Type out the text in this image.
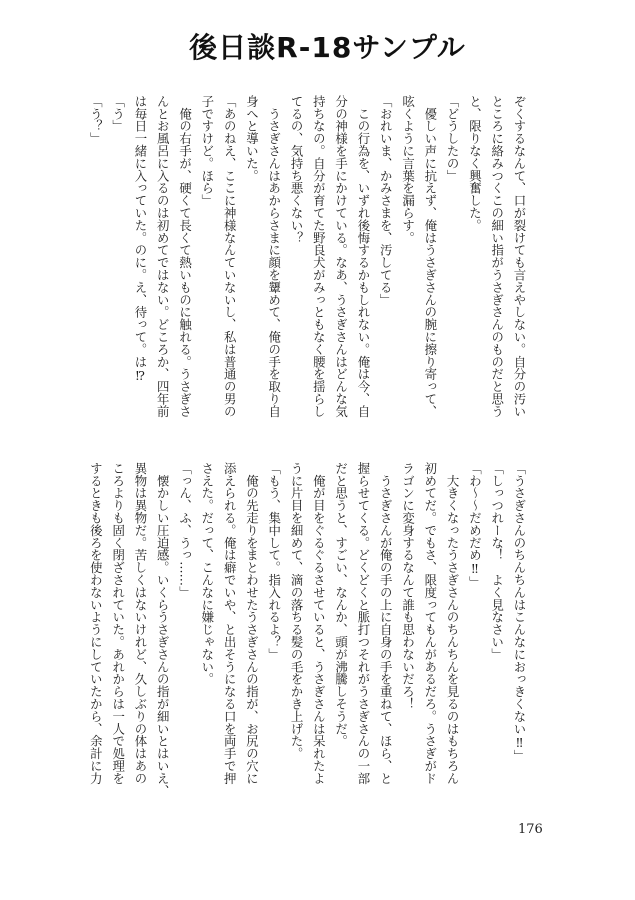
後日談R-18サンプル
ぞくするなんて、口が裂けても言えやしない。自分の汚い
ところに絡みつくこの細い指がうさぎさんのものだと思う
と、限りなく興奮した。
「どうしたの」
　優しい声に抗えず、俺はうさぎさんの腕に擦り寄って、
呟くように言葉を漏らす。
「おれいま、かみさまを、汚してる」
　この行為を、いずれ後悔するかもしれない。俺は今、自
分の神様を手にかけている。なあ、うさぎさんはどんな気
持ちなの。自分が育てた野良犬がみっともなく腰を揺らし
てるの、気持ち悪くない？
　うさぎさんはあからさまに顔を顰めて、俺の手を取り自
身へと導いた。
「あのねえ、ここに神様なんていないし、私は普通の男の
子ですけど。ほら」
　俺の右手が、硬くて長くて熱いものに触れる。うさぎさ
んとお風呂に入るのは初めてではない。どころか、四年前
は毎日一緒に入っていた。のに。え、待って。は⁉
「う」
「う？」
「うさぎさんのちんちんはこんなにおっきくない‼」
「しっつれーな！　よく見なさい」
「わ〜〜だめだめ‼」
　大きくなったうさぎさんのちんちんを見るのはもちろん
初めてだ。でもさ、限度ってもんがあるだろ。うさぎがド
ラゴンに変身するなんて誰も思わないだろ！
　うさぎさんが俺の手の上に自身の手を重ねて、ほら、と
握らせてくる。どくどくと脈打つそれがうさぎさんの一部
だと思うと、すごい、なんか、頭が沸騰しそうだ。
　俺が目をぐるぐるさせていると、うさぎさんは呆れたよ
うに片目を細めて、滴の落ちる髪の毛をかき上げた。
「もう、集中して。指入れるよ？」
　俺の先走りをまとわせたうさぎさんの指が、お尻の穴に
添えられる。俺は癖でいや、と出そうになる口を両手で押
さえた。だって、こんなに嫌じゃない。
「っん、ふ、うっ……」
　懐かしい圧迫感。いくらうさぎさんの指が細いとはいえ、
異物は異物だ。苦しくはないけれど、久しぶりの体はあの
ころよりも固く閉ざされていた。あれからは一人で処理を
するときも後ろを使わないようにしていたから、余計に力
176
